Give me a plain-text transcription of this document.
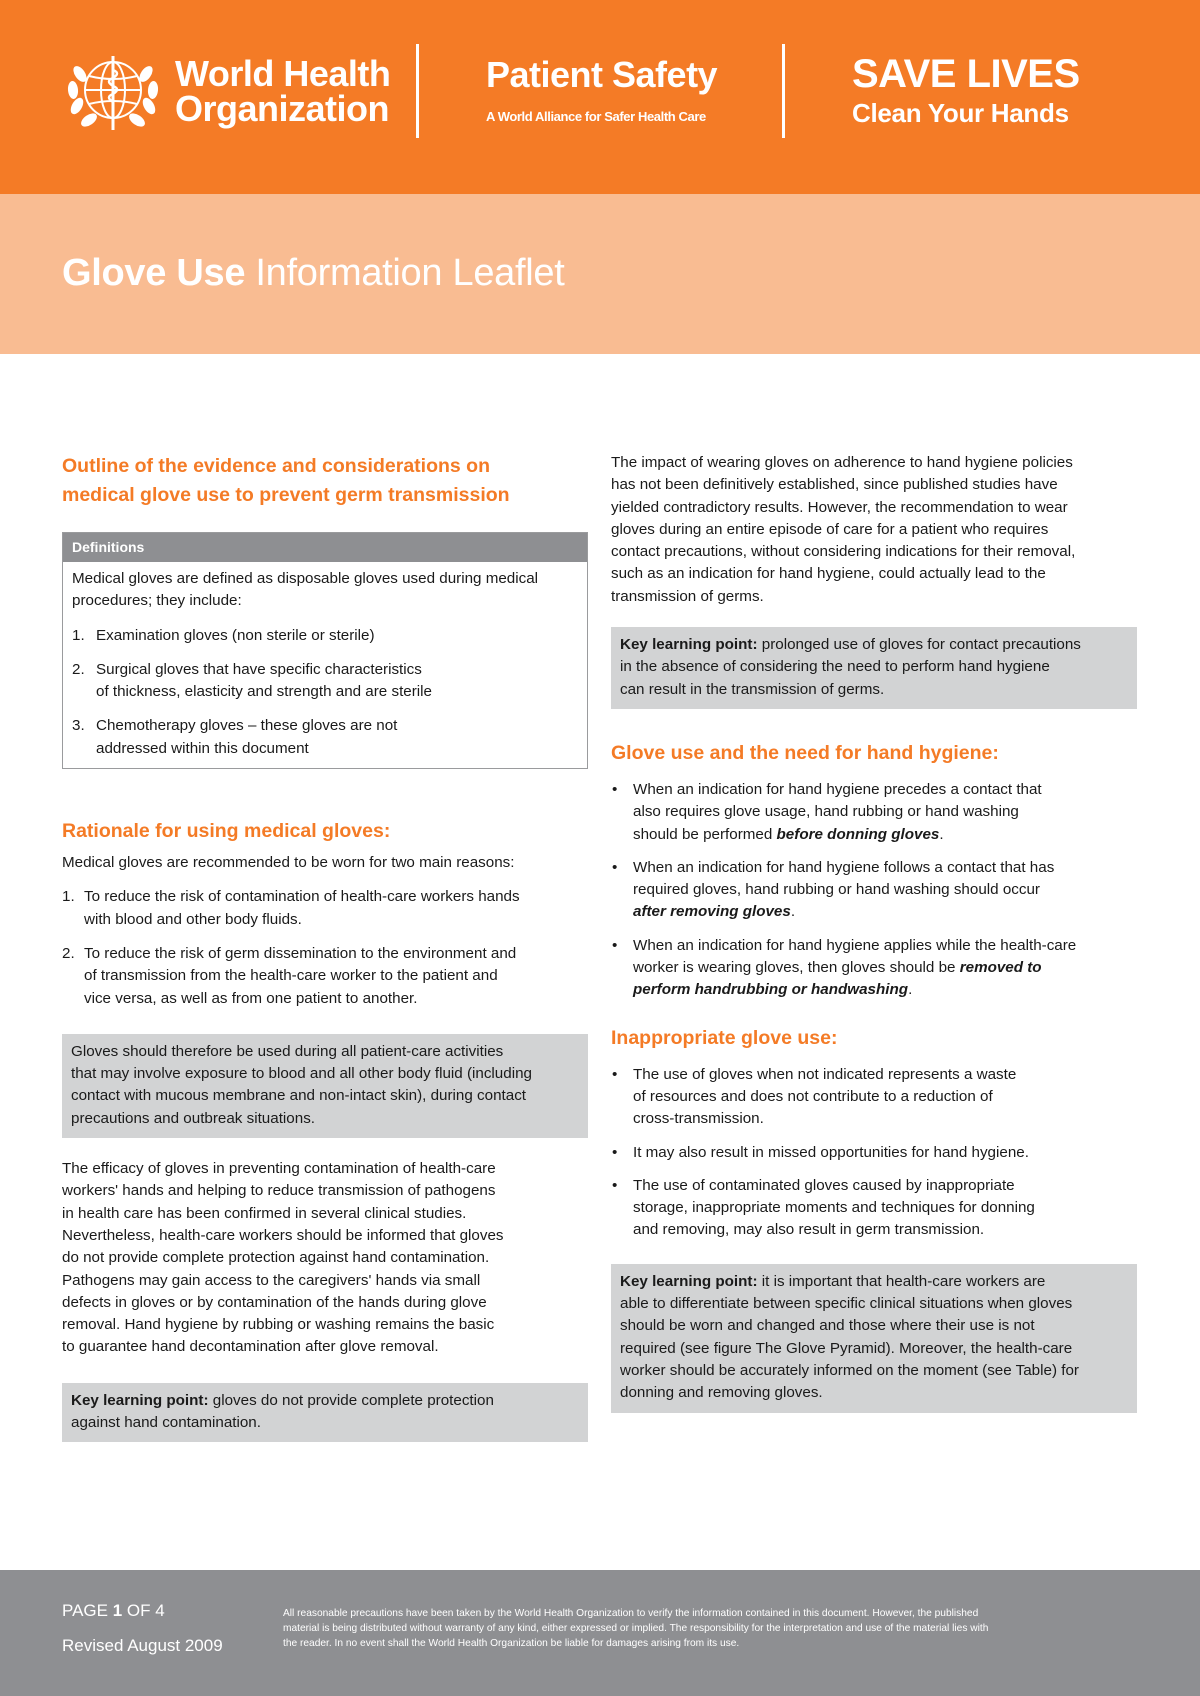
World Health
Organization
Patient Safety
A World Alliance for Safer Health Care
SAVE LIVES
Clean Your Hands
Glove Use Information Leaflet
Outline of the evidence and considerations on
medical glove use to prevent germ transmission
Definitions

Medical gloves are defined as disposable gloves used during medical procedures; they include:

1. Examination gloves (non sterile or sterile)
2. Surgical gloves that have specific characteristics
of thickness, elasticity and strength and are sterile
3. Chemotherapy gloves – these gloves are not
addressed within this document
Rationale for using medical gloves:

Medical gloves are recommended to be worn for two main reasons:

1. To reduce the risk of contamination of health-care workers hands
with blood and other body fluids.
2. To reduce the risk of germ dissemination to the environment and
of transmission from the health-care worker to the patient and
vice versa, as well as from one patient to another.
Gloves should therefore be used during all patient-care activities
that may involve exposure to blood and all other body fluid (including
contact with mucous membrane and non-intact skin), during contact
precautions and outbreak situations.
The efficacy of gloves in preventing contamination of health-care
workers' hands and helping to reduce transmission of pathogens
in health care has been confirmed in several clinical studies.
Nevertheless, health-care workers should be informed that gloves
do not provide complete protection against hand contamination.
Pathogens may gain access to the caregivers' hands via small
defects in gloves or by contamination of the hands during glove
removal. Hand hygiene by rubbing or washing remains the basic
to guarantee hand decontamination after glove removal.
Key learning point: gloves do not provide complete protection
against hand contamination.
The impact of wearing gloves on adherence to hand hygiene policies
has not been definitively established, since published studies have
yielded contradictory results. However, the recommendation to wear
gloves during an entire episode of care for a patient who requires
contact precautions, without considering indications for their removal,
such as an indication for hand hygiene, could actually lead to the
transmission of germs.
Key learning point: prolonged use of gloves for contact precautions
in the absence of considering the need to perform hand hygiene
can result in the transmission of germs.
Glove use and the need for hand hygiene:
• When an indication for hand hygiene precedes a contact that
also requires glove usage, hand rubbing or hand washing
should be performed before donning gloves.
• When an indication for hand hygiene follows a contact that has
required gloves, hand rubbing or hand washing should occur
after removing gloves.
• When an indication for hand hygiene applies while the health-care
worker is wearing gloves, then gloves should be removed to
perform handrubbing or handwashing.
Inappropriate glove use:
• The use of gloves when not indicated represents a waste
of resources and does not contribute to a reduction of
cross-transmission.
• It may also result in missed opportunities for hand hygiene.
• The use of contaminated gloves caused by inappropriate
storage, inappropriate moments and techniques for donning
and removing, may also result in germ transmission.
Key learning point: it is important that health-care workers are
able to differentiate between specific clinical situations when gloves
should be worn and changed and those where their use is not
required (see figure The Glove Pyramid). Moreover, the health-care
worker should be accurately informed on the moment (see Table) for
donning and removing gloves.
PAGE 1 OF 4
Revised August 2009
All reasonable precautions have been taken by the World Health Organization to verify the information contained in this document. However, the published
material is being distributed without warranty of any kind, either expressed or implied. The responsibility for the interpretation and use of the material lies with
the reader. In no event shall the World Health Organization be liable for damages arising from its use.
